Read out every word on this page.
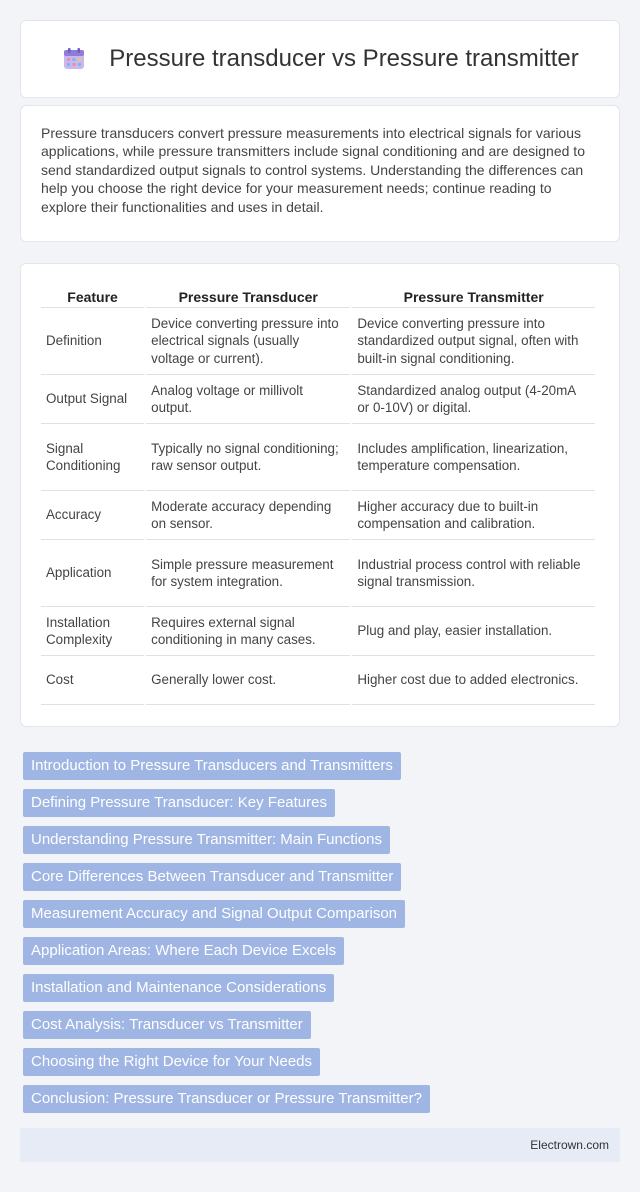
Pressure transducer vs Pressure transmitter

Pressure transducers convert pressure measurements into electrical signals for various applications, while pressure transmitters include signal conditioning and are designed to send standardized output signals to control systems. Understanding the differences can help you choose the right device for your measurement needs; continue reading to explore their functionalities and uses in detail.

Feature	Pressure Transducer	Pressure Transmitter
Definition	Device converting pressure into electrical signals (usually voltage or current).	Device converting pressure into standardized output signal, often with built-in signal conditioning.
Output Signal	Analog voltage or millivolt output.	Standardized analog output (4-20mA or 0-10V) or digital.
Signal Conditioning	Typically no signal conditioning; raw sensor output.	Includes amplification, linearization, temperature compensation.
Accuracy	Moderate accuracy depending on sensor.	Higher accuracy due to built-in compensation and calibration.
Application	Simple pressure measurement for system integration.	Industrial process control with reliable signal transmission.
Installation Complexity	Requires external signal conditioning in many cases.	Plug and play, easier installation.
Cost	Generally lower cost.	Higher cost due to added electronics.
Introduction to Pressure Transducers and Transmitters
Defining Pressure Transducer: Key Features
Understanding Pressure Transmitter: Main Functions
Core Differences Between Transducer and Transmitter
Measurement Accuracy and Signal Output Comparison
Application Areas: Where Each Device Excels
Installation and Maintenance Considerations
Cost Analysis: Transducer vs Transmitter
Choosing the Right Device for Your Needs
Conclusion: Pressure Transducer or Pressure Transmitter?
Electrown.com
